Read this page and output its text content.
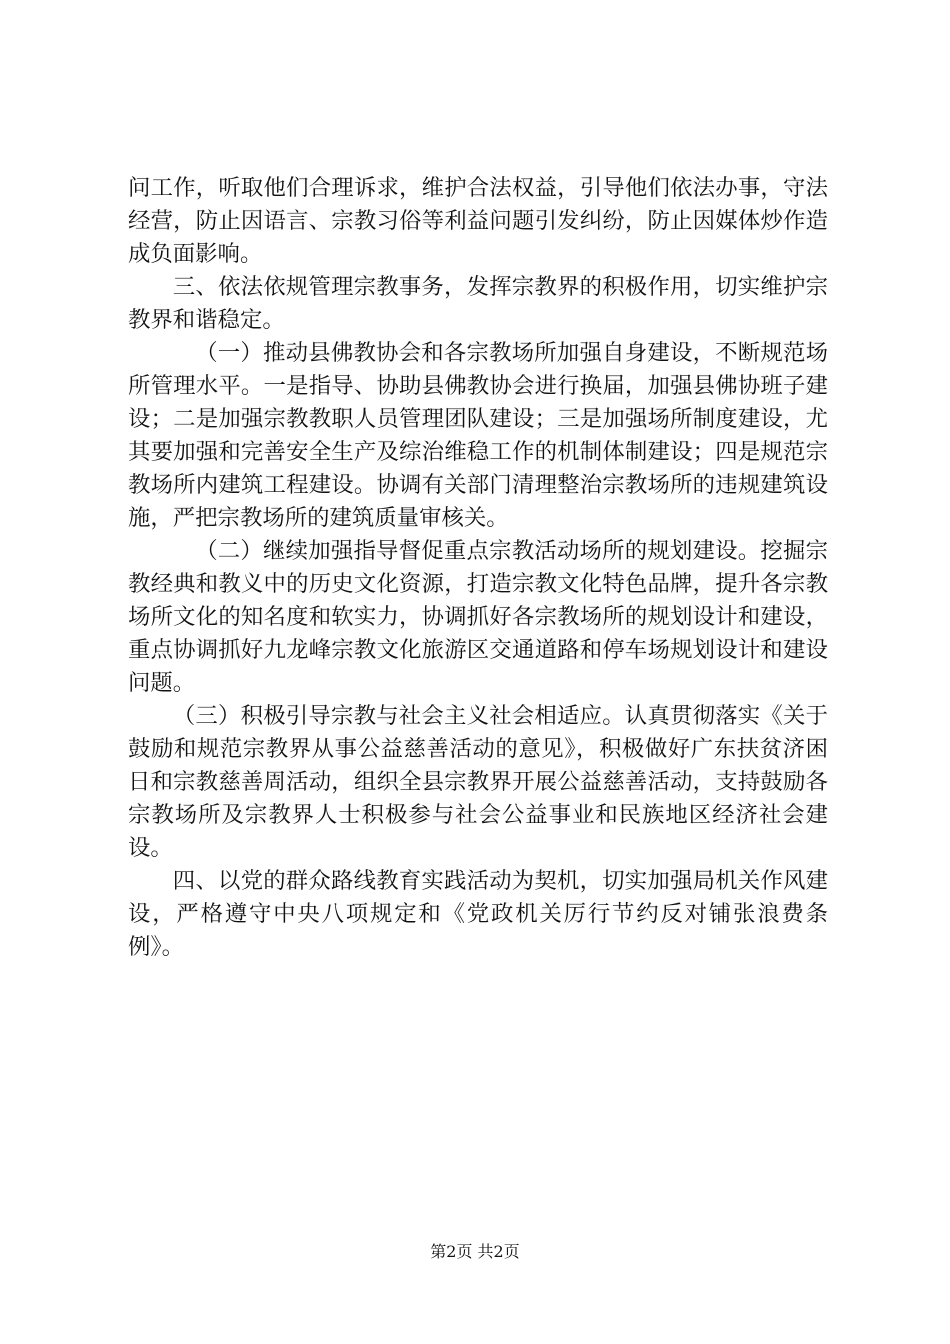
问工作，听取他们合理诉求，维护合法权益，引导他们依法办事，守法经营，防止因语言、宗教习俗等利益问题引发纠纷，防止因媒体炒作造成负面影响。

三、依法依规管理宗教事务，发挥宗教界的积极作用，切实维护宗教界和谐稳定。

（一）推动县佛教协会和各宗教场所加强自身建设，不断规范场所管理水平。一是指导、协助县佛教协会进行换届，加强县佛协班子建设；二是加强宗教教职人员管理团队建设；三是加强场所制度建设，尤其要加强和完善安全生产及综治维稳工作的机制体制建设；四是规范宗教场所内建筑工程建设。协调有关部门清理整治宗教场所的违规建筑设施，严把宗教场所的建筑质量审核关。

（二）继续加强指导督促重点宗教活动场所的规划建设。挖掘宗教经典和教义中的历史文化资源，打造宗教文化特色品牌，提升各宗教场所文化的知名度和软实力，协调抓好各宗教场所的规划设计和建设，重点协调抓好九龙峰宗教文化旅游区交通道路和停车场规划设计和建设问题。

（三）积极引导宗教与社会主义社会相适应。认真贯彻落实《关于鼓励和规范宗教界从事公益慈善活动的意见》，积极做好广东扶贫济困日和宗教慈善周活动，组织全县宗教界开展公益慈善活动，支持鼓励各宗教场所及宗教界人士积极参与社会公益事业和民族地区经济社会建设。

四、以党的群众路线教育实践活动为契机，切实加强局机关作风建设，严格遵守中央八项规定和《党政机关厉行节约反对铺张浪费条例》。

第2页 共2页
